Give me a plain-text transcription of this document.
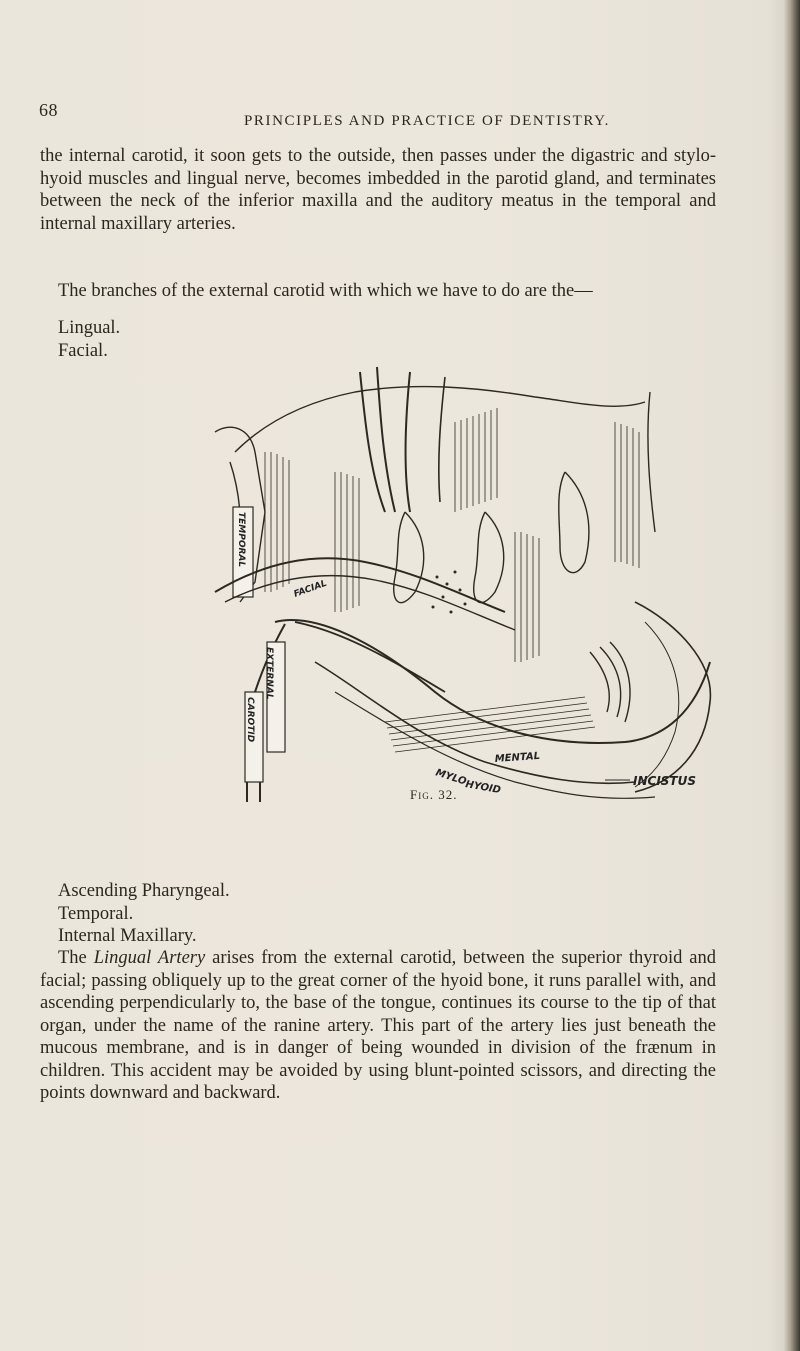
68
PRINCIPLES AND PRACTICE OF DENTISTRY.

the internal carotid, it soon gets to the outside, then passes under the digastric and stylo-hyoid muscles and lingual nerve, becomes imbedded in the parotid gland, and terminates between the neck of the inferior maxilla and the auditory meatus in the temporal and internal maxillary arteries.

The branches of the external carotid with which we have to do are the—

Lingual.
Facial.
INCISTUS
MENTAL
MYLO
HYOID
TEMPORAL
EXTERNAL
CAROTID
FACIAL
Fig. 32.
Ascending Pharyngeal.
Temporal.
Internal Maxillary.

The Lingual Artery arises from the external carotid, between the superior thyroid and facial; passing obliquely up to the great corner of the hyoid bone, it runs parallel with, and ascending perpendicularly to, the base of the tongue, continues its course to the tip of that organ, under the name of the ranine artery. This part of the artery lies just beneath the mucous membrane, and is in danger of being wounded in division of the frænum in children. This accident may be avoided by using blunt-pointed scissors, and directing the points downward and backward.
